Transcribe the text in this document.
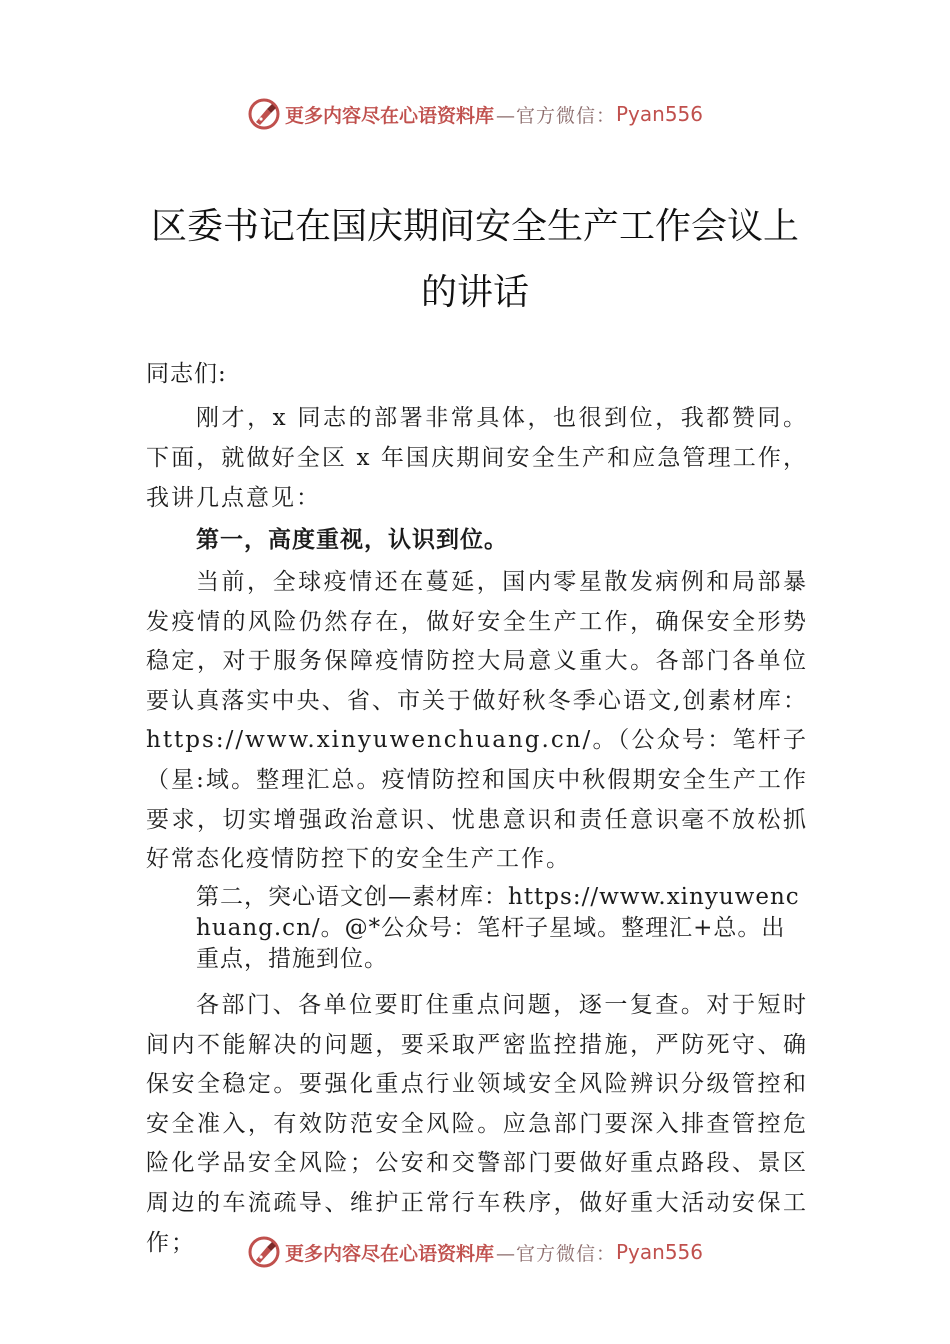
更多内容尽在心语资料库 —官方微信： Pyan556
区委书记在国庆期间安全生产工作会议上
的讲话

同志们:

刚才，x 同志的部署非常具体，也很到位，我都赞同。下面，就做好全区 x 年国庆期间安全生产和应急管理工作，我讲几点意见：

第一，高度重视，认识到位。

当前，全球疫情还在蔓延，国内零星散发病例和局部暴发疫情的风险仍然存在，做好安全生产工作，确保安全形势稳定，对于服务保障疫情防控大局意义重大。各部门各单位要认真落实中央、省、市关于做好秋冬季心语文,创素材库：https://www.xinyuwenchuang.cn/。（公众号：笔杆子（星:域。整理汇总。疫情防控和国庆中秋假期安全生产工作要求，切实增强政治意识、忧患意识和责任意识毫不放松抓好常态化疫情防控下的安全生产工作。

第二，突心语文创—素材库：https://www.xinyuwenchuang.cn/。@*公众号：笔杆子星域。整理汇+总。出重点，措施到位。

各部门、各单位要盯住重点问题，逐一复查。对于短时间内不能解决的问题，要采取严密监控措施，严防死守、确保安全稳定。要强化重点行业领域安全风险辨识分级管控和安全准入，有效防范安全风险。应急部门要深入排查管控危险化学品安全风险；公安和交警部门要做好重点路段、景区周边的车流疏导、维护正常行车秩序，做好重大活动安保工作；	更多内容尽在心语资料库 —官方微信： Pyan556
